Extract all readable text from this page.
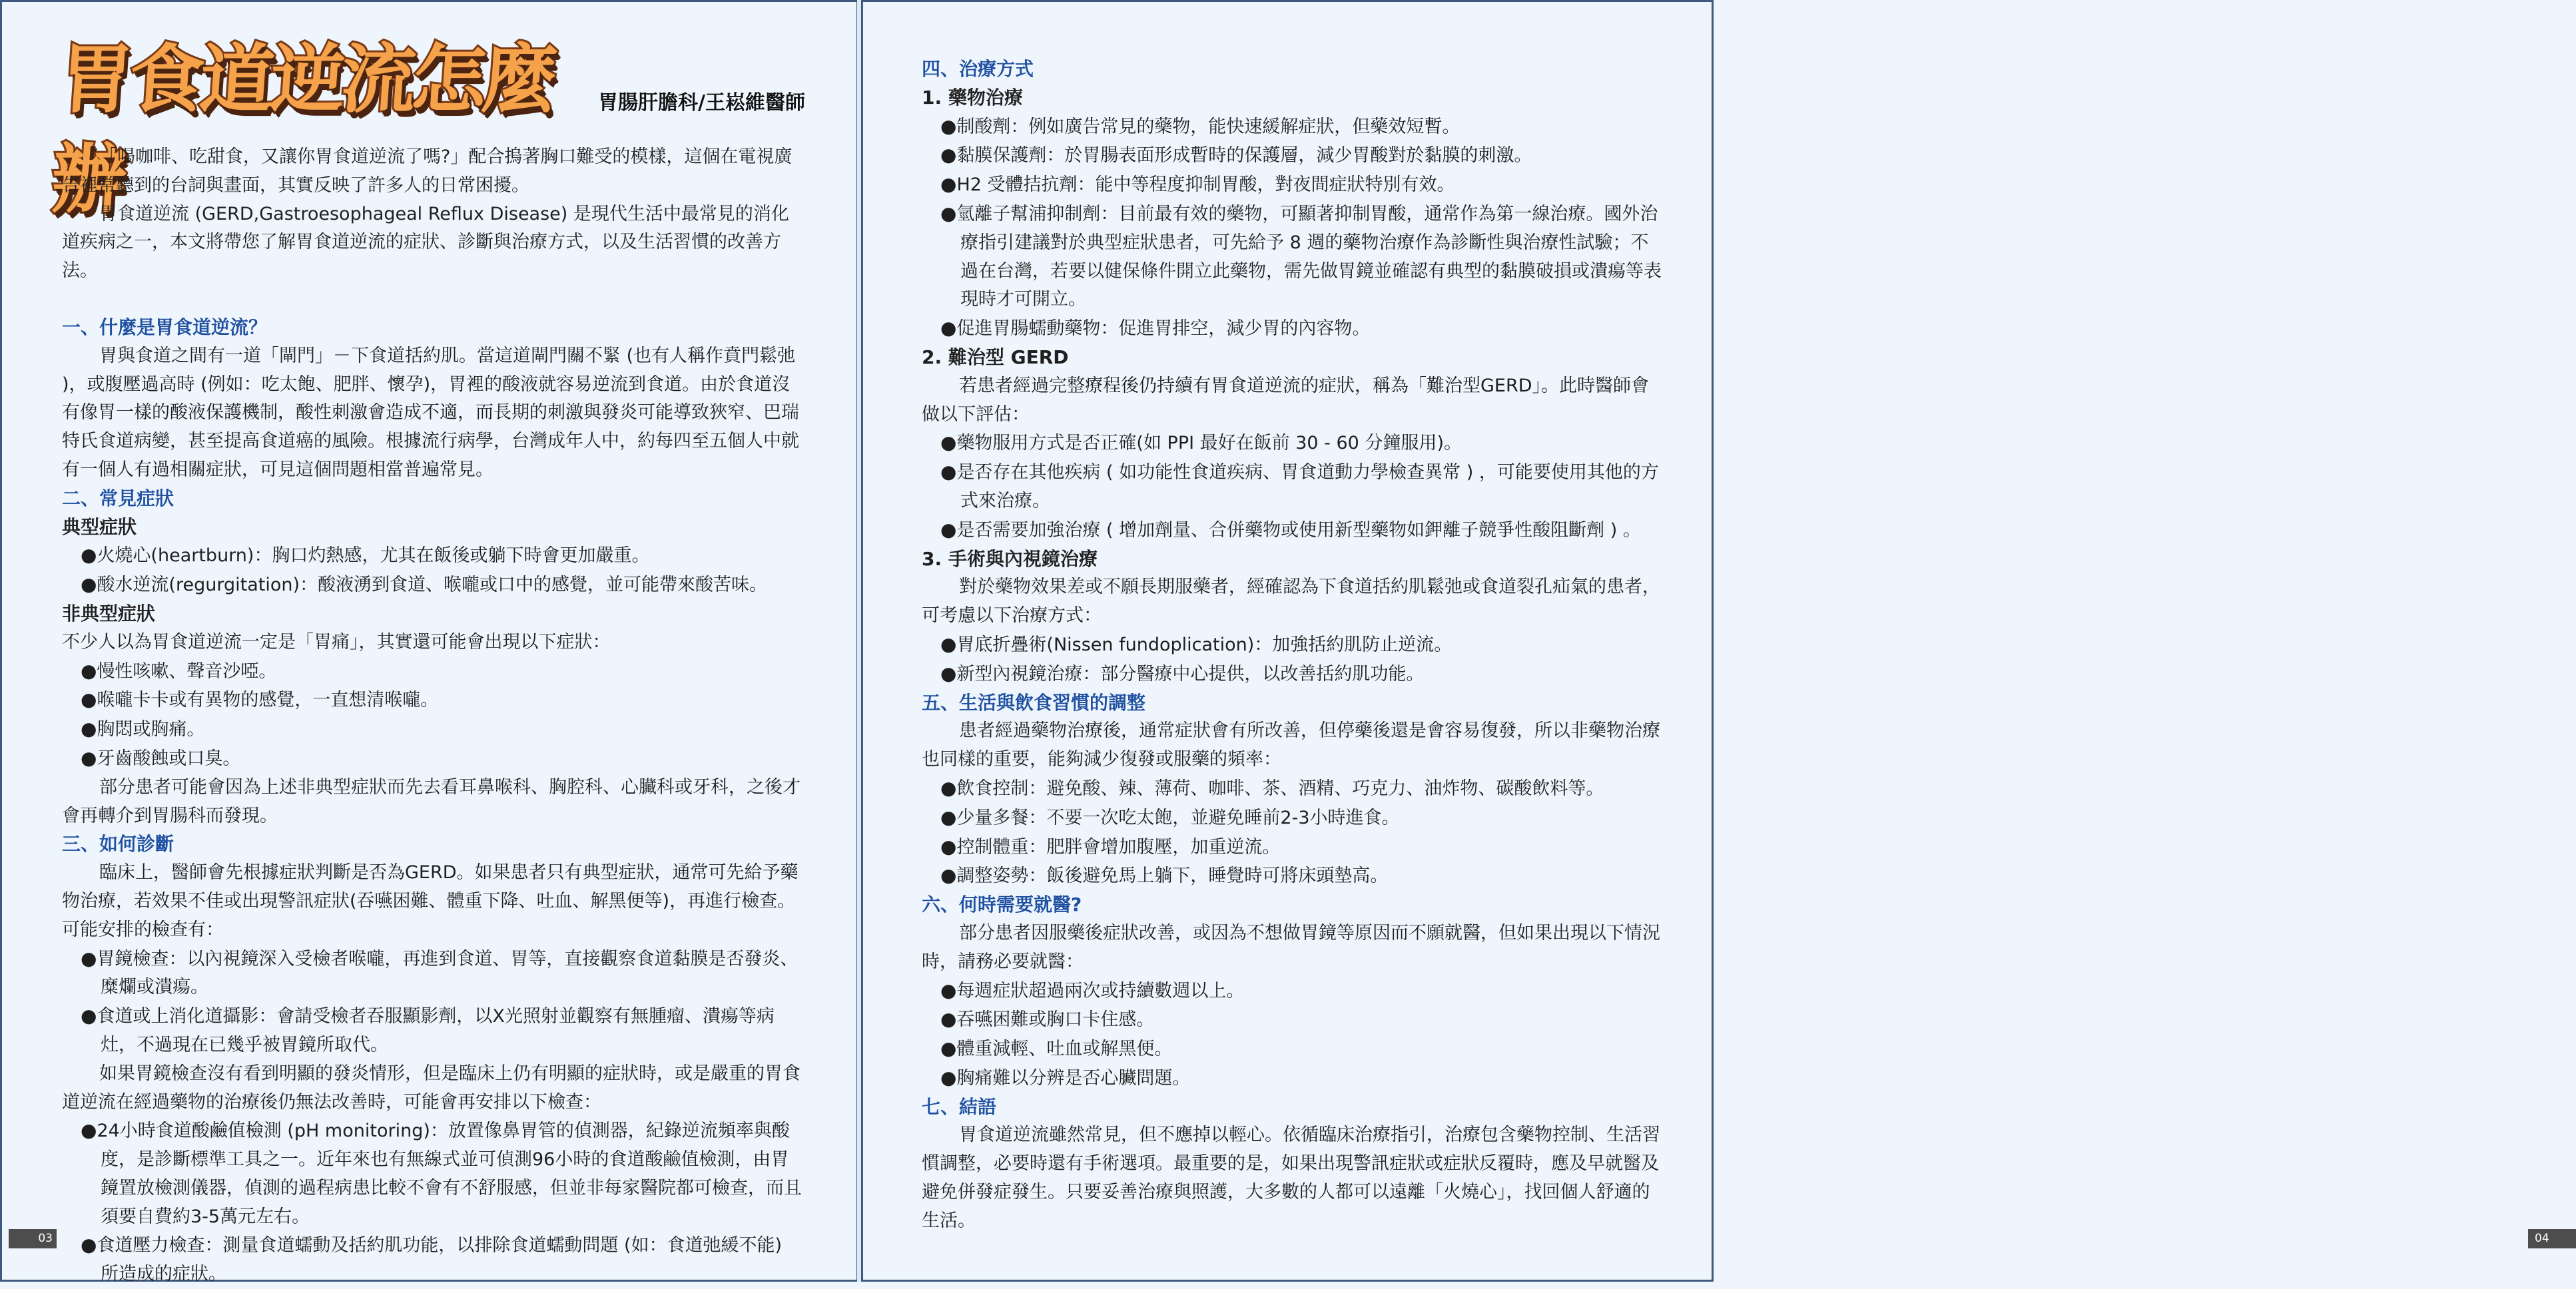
胃食道逆流怎麼辦
胃腸肝膽科/王崧維醫師

「喝咖啡、吃甜食，又讓你胃食道逆流了嗎?」配合摀著胸口難受的模樣，這個在電視廣告裡常聽到的台詞與畫面，其實反映了許多人的日常困擾。

胃食道逆流 (GERD,Gastroesophageal Reflux Disease) 是現代生活中最常見的消化道疾病之一，本文將帶您了解胃食道逆流的症狀、診斷與治療方式，以及生活習慣的改善方法。

一、什麼是胃食道逆流？

胃與食道之間有一道「閘門」－下食道括約肌。當這道閘門關不緊 (也有人稱作賁門鬆弛 )，或腹壓過高時 (例如：吃太飽、肥胖、懷孕)，胃裡的酸液就容易逆流到食道。由於食道沒有像胃一樣的酸液保護機制，酸性刺激會造成不適，而長期的刺激與發炎可能導致狹窄、巴瑞特氏食道病變，甚至提高食道癌的風險。根據流行病學，台灣成年人中，約每四至五個人中就有一個人有過相關症狀，可見這個問題相當普遍常見。

二、常見症狀

典型症狀

●火燒心(heartburn)：胸口灼熱感，尤其在飯後或躺下時會更加嚴重。

●酸水逆流(regurgitation)：酸液湧到食道、喉嚨或口中的感覺，並可能帶來酸苦味。

非典型症狀

不少人以為胃食道逆流一定是「胃痛」，其實還可能會出現以下症狀：

●慢性咳嗽、聲音沙啞。

●喉嚨卡卡或有異物的感覺，一直想清喉嚨。

●胸悶或胸痛。

●牙齒酸蝕或口臭。

部分患者可能會因為上述非典型症狀而先去看耳鼻喉科、胸腔科、心臟科或牙科，之後才會再轉介到胃腸科而發現。

三、如何診斷

臨床上，醫師會先根據症狀判斷是否為GERD。如果患者只有典型症狀，通常可先給予藥物治療，若效果不佳或出現警訊症狀(吞嚥困難、體重下降、吐血、解黑便等)，再進行檢查。

可能安排的檢查有：

●胃鏡檢查：以內視鏡深入受檢者喉嚨，再進到食道、胃等，直接觀察食道黏膜是否發炎、糜爛或潰瘍。

●食道或上消化道攝影：會請受檢者吞服顯影劑，以X光照射並觀察有無腫瘤、潰瘍等病灶，不過現在已幾乎被胃鏡所取代。

如果胃鏡檢查沒有看到明顯的發炎情形，但是臨床上仍有明顯的症狀時，或是嚴重的胃食道逆流在經過藥物的治療後仍無法改善時，可能會再安排以下檢查：

●24小時食道酸鹼值檢測 (pH monitoring)：放置像鼻胃管的偵測器，紀錄逆流頻率與酸度，是診斷標準工具之一。近年來也有無線式並可偵測96小時的食道酸鹼值檢測，由胃鏡置放檢測儀器，偵測的過程病患比較不會有不舒服感，但並非每家醫院都可檢查，而且須要自費約3-5萬元左右。

●食道壓力檢查：測量食道蠕動及括約肌功能，以排除食道蠕動問題 (如：食道弛緩不能) 所造成的症狀。

03

四、治療方式

1. 藥物治療

●制酸劑：例如廣告常見的藥物，能快速緩解症狀，但藥效短暫。

●黏膜保護劑：於胃腸表面形成暫時的保護層，減少胃酸對於黏膜的刺激。

●H2 受體拮抗劑：能中等程度抑制胃酸，對夜間症狀特別有效。

●氫離子幫浦抑制劑：目前最有效的藥物，可顯著抑制胃酸，通常作為第一線治療。國外治療指引建議對於典型症狀患者，可先給予 8 週的藥物治療作為診斷性與治療性試驗；不過在台灣，若要以健保條件開立此藥物，需先做胃鏡並確認有典型的黏膜破損或潰瘍等表現時才可開立。

●促進胃腸蠕動藥物：促進胃排空，減少胃的內容物。

2. 難治型 GERD

若患者經過完整療程後仍持續有胃食道逆流的症狀，稱為「難治型GERD」。此時醫師會做以下評估：

●藥物服用方式是否正確(如 PPI 最好在飯前 30 - 60 分鐘服用)。

●是否存在其他疾病 ( 如功能性食道疾病、胃食道動力學檢查異常 ) ，可能要使用其他的方式來治療。

●是否需要加強治療 ( 增加劑量、合併藥物或使用新型藥物如鉀離子競爭性酸阻斷劑 ) 。

3. 手術與內視鏡治療

對於藥物效果差或不願長期服藥者，經確認為下食道括約肌鬆弛或食道裂孔疝氣的患者，可考慮以下治療方式：

●胃底折疊術(Nissen fundoplication)：加強括約肌防止逆流。

●新型內視鏡治療：部分醫療中心提供，以改善括約肌功能。

五、生活與飲食習慣的調整

患者經過藥物治療後，通常症狀會有所改善，但停藥後還是會容易復發，所以非藥物治療也同樣的重要，能夠減少復發或服藥的頻率：

●飲食控制：避免酸、辣、薄荷、咖啡、茶、酒精、巧克力、油炸物、碳酸飲料等。

●少量多餐：不要一次吃太飽，並避免睡前2-3小時進食。

●控制體重：肥胖會增加腹壓，加重逆流。

●調整姿勢：飯後避免馬上躺下，睡覺時可將床頭墊高。

六、何時需要就醫?

部分患者因服藥後症狀改善，或因為不想做胃鏡等原因而不願就醫，但如果出現以下情況時，請務必要就醫：

●每週症狀超過兩次或持續數週以上。

●吞嚥困難或胸口卡住感。

●體重減輕、吐血或解黑便。

●胸痛難以分辨是否心臟問題。

七、結語

胃食道逆流雖然常見，但不應掉以輕心。依循臨床治療指引，治療包含藥物控制、生活習慣調整，必要時還有手術選項。最重要的是，如果出現警訊症狀或症狀反覆時，應及早就醫及避免併發症發生。只要妥善治療與照護，大多數的人都可以遠離「火燒心」，找回個人舒適的生活。

04
